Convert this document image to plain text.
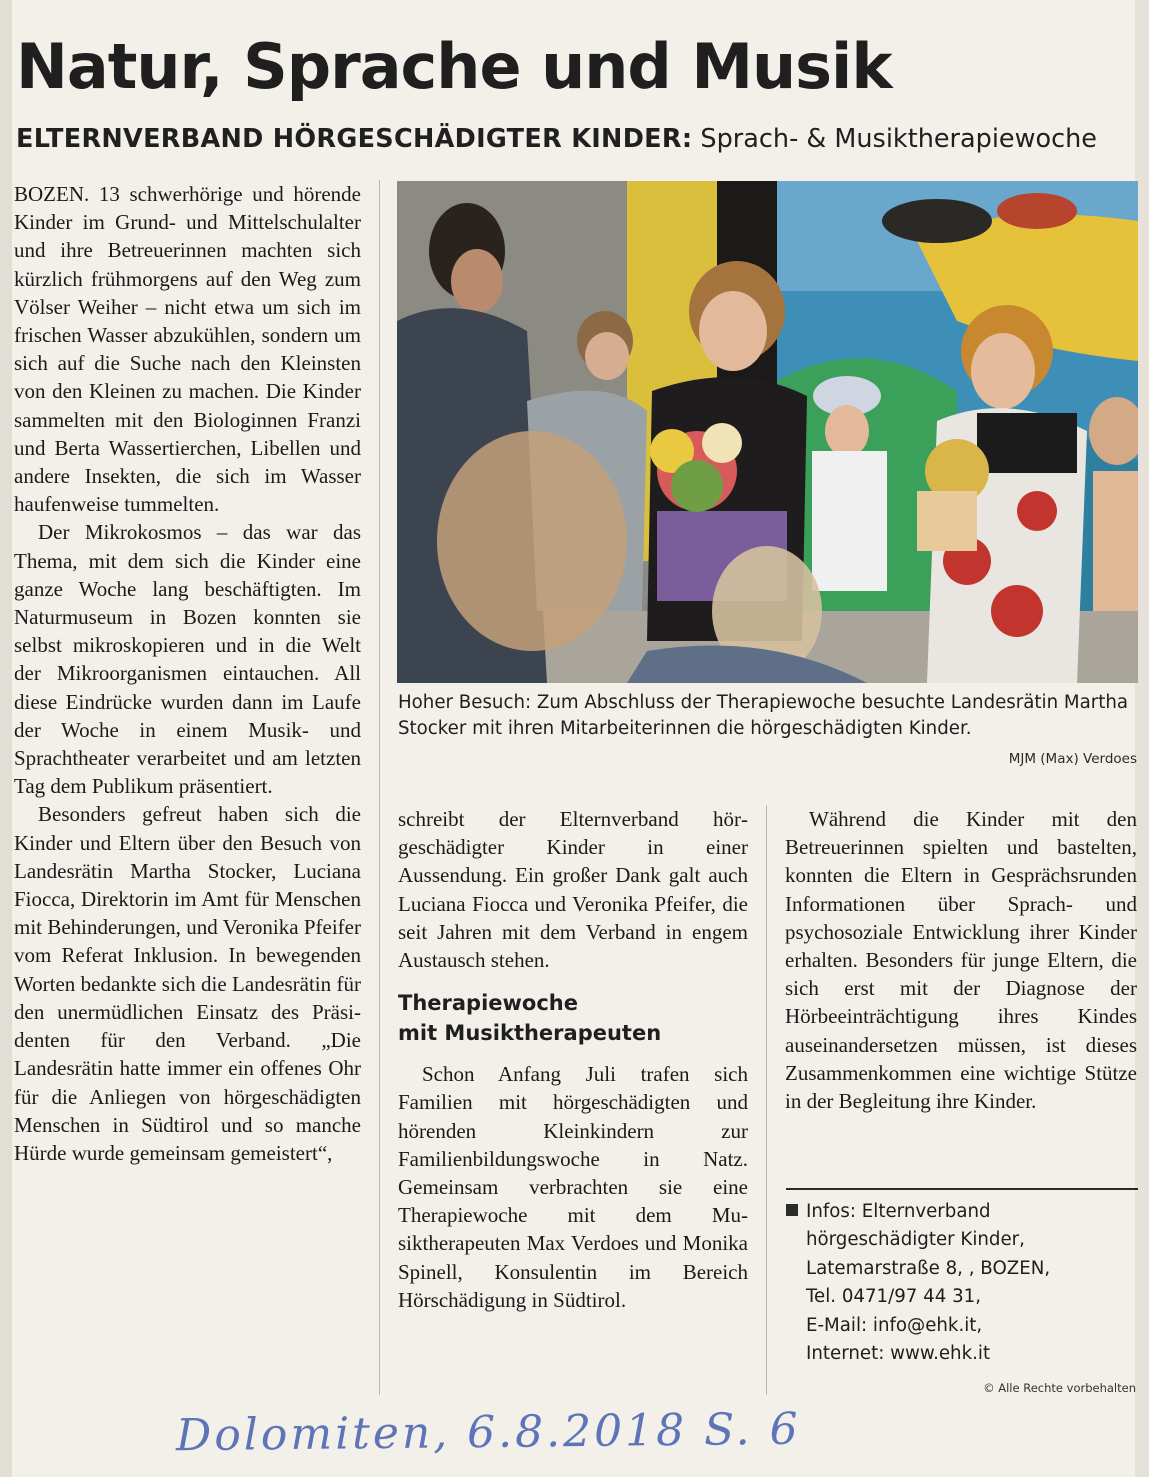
Natur, Sprache und Musik
ELTERNVERBAND HÖRGESCHÄDIGTER KINDER: Sprach- & Musiktherapiewoche

BOZEN. 13 schwerhörige und hörende Kinder im Grund- und Mittelschulalter und ihre Betreuerinnen machten sich kürzlich frühmorgens auf den Weg zum Völser Weiher – nicht etwa um sich im frischen Wasser abzukühlen, sondern um sich auf die Suche nach den Kleinsten von den Kleinen zu machen. Die Kinder sammelten mit den Biologinnen Franzi und Berta Wassertierchen, Libellen und andere Insekten, die sich im Wasser haufenweise tummelten.

Der Mikrokosmos – das war das Thema, mit dem sich die Kinder eine ganze Woche lang beschäftigten. Im Naturmuseum in Bozen konnten sie selbst mikroskopieren und in die Welt der Mikroorganismen eintauchen. All diese Eindrücke wurden dann im Laufe der Woche in einem Musik- und Sprachtheater verarbeitet und am letzten Tag dem Publikum präsentiert.

Besonders gefreut haben sich die Kinder und Eltern über den Besuch von Landesrätin Martha Stocker, Luciana Fiocca, Direktorin im Amt für Menschen mit Behinderungen, und Veronika Pfeifer vom Referat Inklusion. In bewegenden Worten bedankte sich die Landesrätin für den unermüdlichen Einsatz des Präsidenten für den Verband. „Die Landesrätin hatte immer ein offenes Ohr für die Anliegen von hörgeschädigten Menschen in Südtirol und so manche Hürde wurde gemeinsam gemeistert“,

Hoher Besuch: Zum Abschluss der Therapiewoche besuchte Landesrätin Martha Stocker mit ihren Mitarbeiterinnen die hörgeschädigten Kinder.
MJM (Max) Verdoes

schreibt der Elternverband hörgeschädigter Kinder in einer Aussendung. Ein großer Dank galt auch Luciana Fiocca und Veronika Pfeifer, die seit Jahren mit dem Verband in engem Austausch stehen.

Therapiewoche
mit Musiktherapeuten

Schon Anfang Juli trafen sich Familien mit hörgeschädigten und hörenden Kleinkindern zur Familienbildungswoche in Natz. Gemeinsam verbrachten sie eine Therapiewoche mit dem Musiktherapeuten Max Verdoes und Monika Spinell, Konsulentin im Bereich Hörschädigung in Südtirol.

Während die Kinder mit den Betreuerinnen spielten und bastelten, konnten die Eltern in Gesprächsrunden Informationen über Sprach- und psychosoziale Entwicklung ihrer Kinder erhalten. Besonders für junge Eltern, die sich erst mit der Diagnose der Hörbeeinträchtigung ihres Kindes auseinandersetzen müssen, ist dieses Zusammenkommen eine wichtige Stütze in der Begleitung ihre Kinder.

Infos: Elternverband
hörgeschädigter Kinder,
Latemarstraße 8, , BOZEN,
Tel. 0471/97 44 31,
E-Mail: info@ehk.it,
Internet: www.ehk.it
© Alle Rechte vorbehalten
Dolomiten, 6.8.2018 S. 6
